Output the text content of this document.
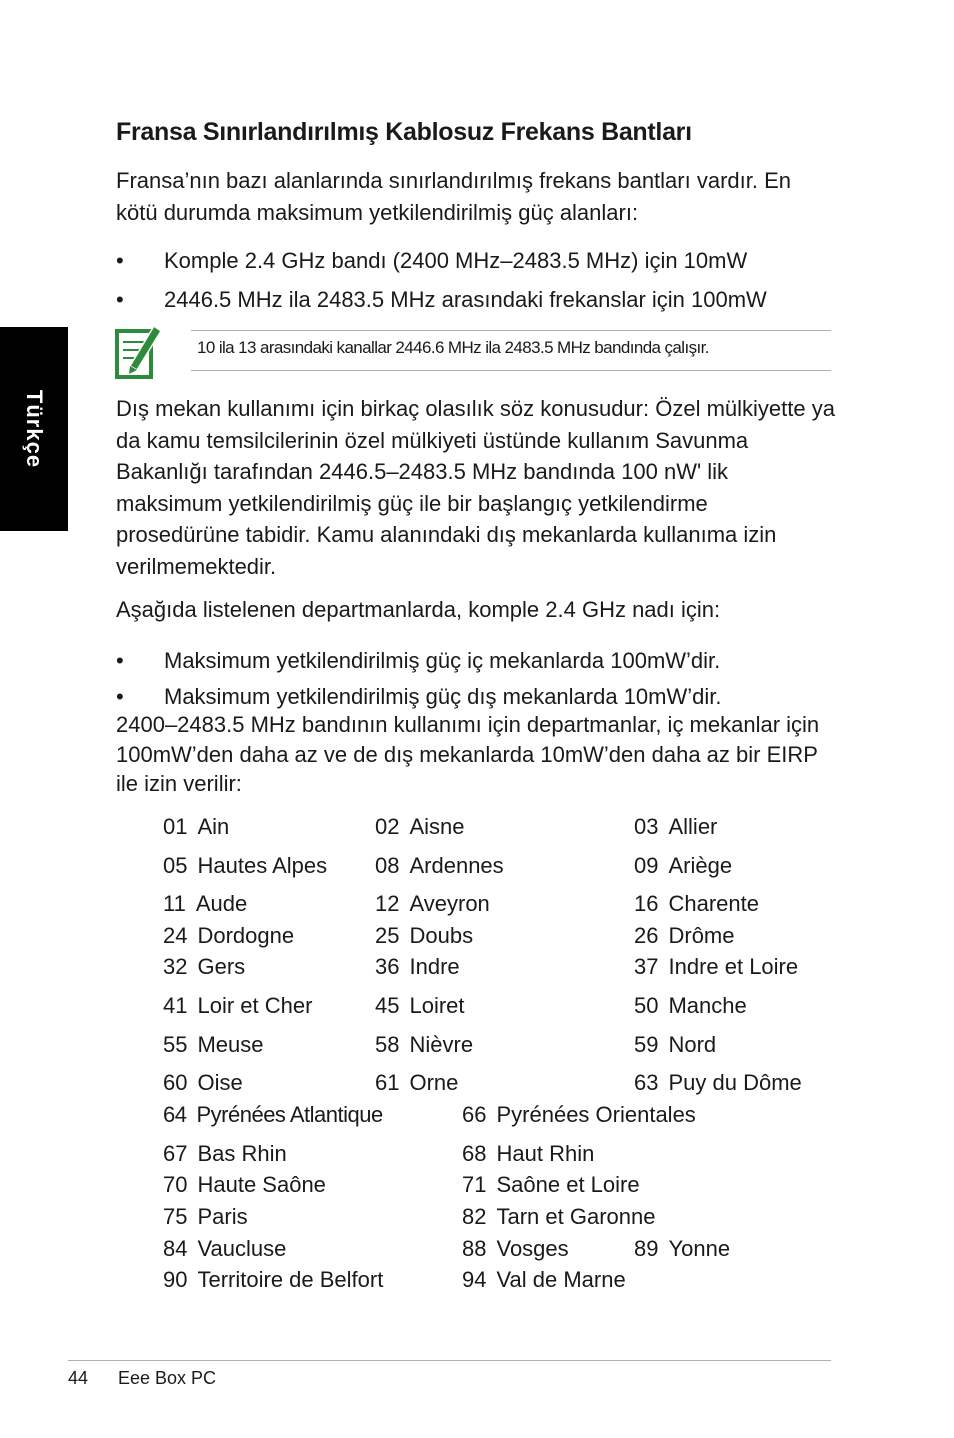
Türkçe
Fransa Sınırlandırılmış Kablosuz Frekans Bantları
Fransa’nın bazı alanlarında sınırlandırılmış frekans bantları vardır. En kötü durumda maksimum yetkilendirilmiş güç alanları:
• Komple 2.4 GHz bandı (2400 MHz–2483.5 MHz) için 10mW
• 2446.5 MHz ila 2483.5 MHz arasındaki frekanslar için 100mW
10 ila 13 arasındaki kanallar 2446.6 MHz ila 2483.5 MHz bandında çalışır.
Dış mekan kullanımı için birkaç olasılık söz konusudur: Özel mülkiyette ya da kamu temsilcilerinin özel mülkiyeti üstünde kullanım Savunma Bakanlığı tarafından 2446.5–2483.5 MHz bandında 100 nW' lik maksimum yetkilendirilmiş güç ile bir başlangıç yetkilendirme prosedürüne tabidir. Kamu alanındaki dış mekanlarda kullanıma izin verilmemektedir.
Aşağıda listelenen departmanlarda, komple 2.4 GHz nadı için:
• Maksimum yetkilendirilmiş güç iç mekanlarda 100mW’dir.
• Maksimum yetkilendirilmiş güç dış mekanlarda 10mW’dir.
2400–2483.5 MHz bandının kullanımı için departmanlar, iç mekanlar için 100mW’den daha az ve de dış mekanlarda 10mW’den daha az bir EIRP ile izin verilir:
01 Ain	02 Aisne	03 Allier
05 Hautes Alpes 08 Ardennes	09 Ariège
11 Aude	12 Aveyron	16 Charente
24 Dordogne	25 Doubs	26 Drôme
32 Gers	36 Indre	37 Indre et Loire
41 Loir et Cher	45 Loiret	50 Manche
55 Meuse	58 Nièvre	59 Nord
60 Oise	61 Orne	63 Puy du Dôme
64 Pyrénées Atlantique	66 Pyrénées Orientales
67 Bas Rhin	68 Haut Rhin
70 Haute Saône	71 Saône et Loire
75 Paris	82 Tarn et Garonne
84 Vaucluse	88 Vosges	89 Yonne
90 Territoire de Belfort	94 Val de Marne
44 Eee Box PC
